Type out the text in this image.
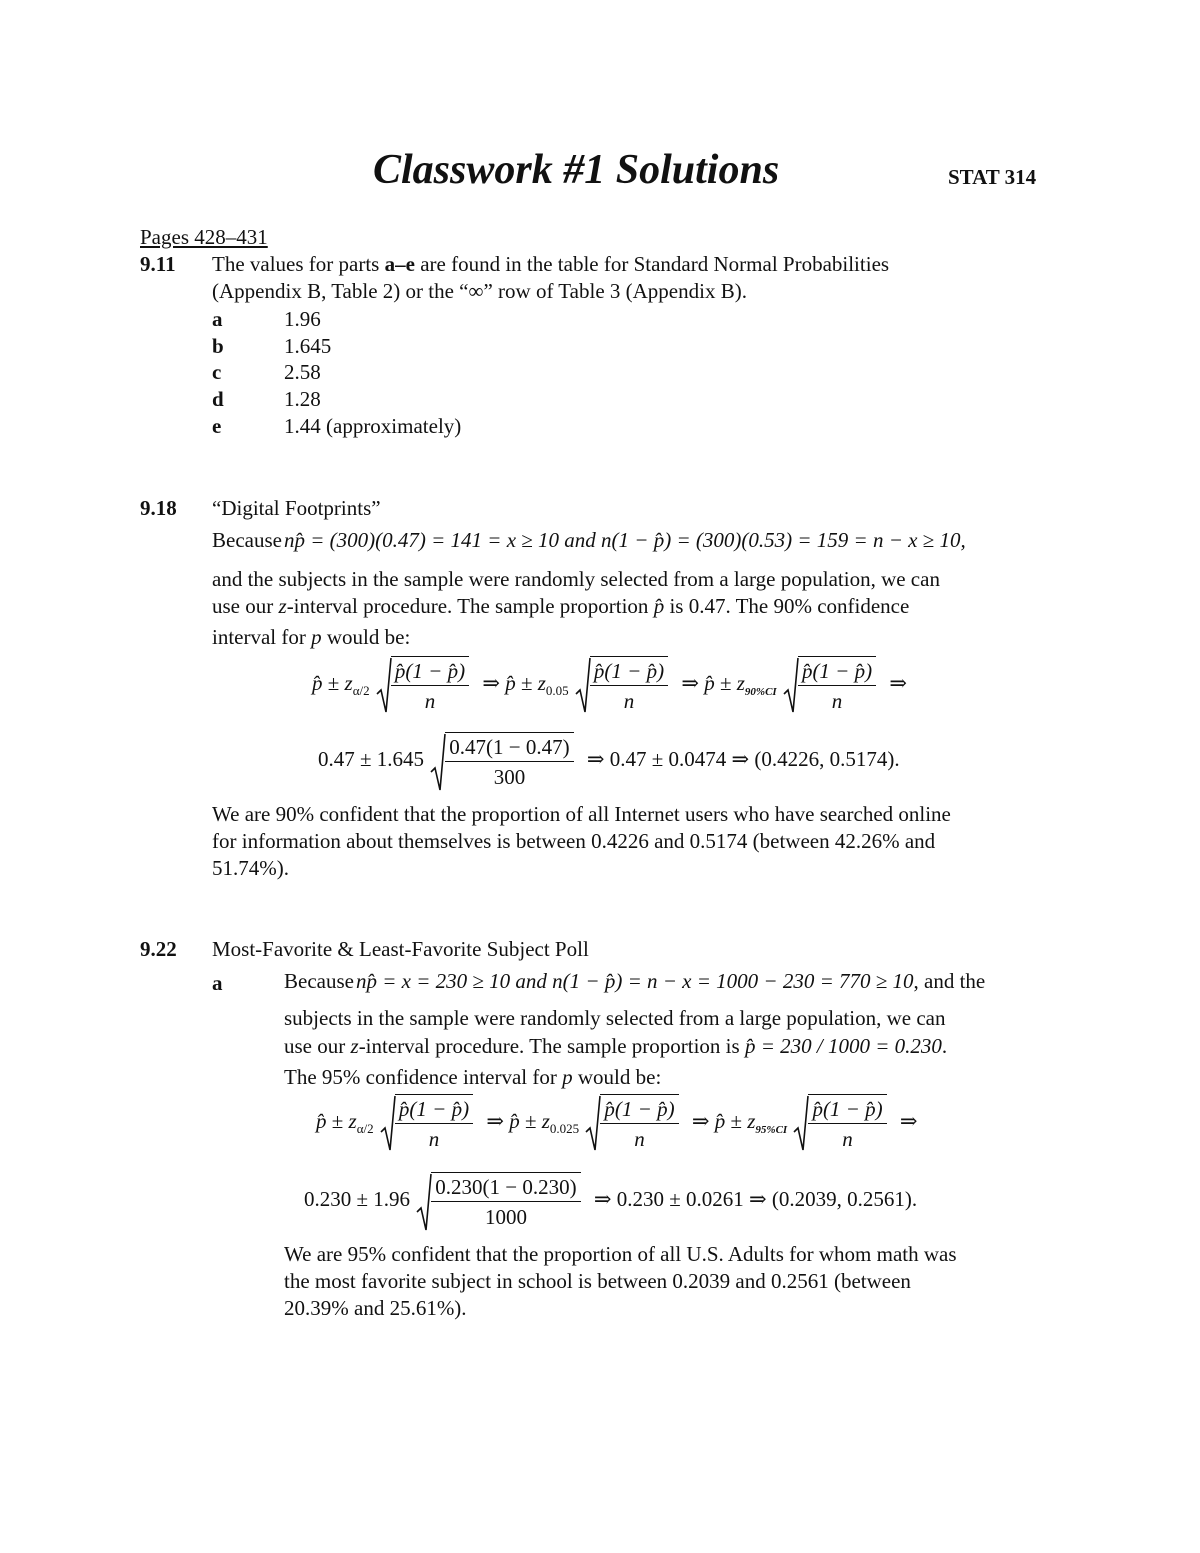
Classwork #1 Solutions	STAT 314
Pages 428–431
9.11 The values for parts a–e are found in the table for Standard Normal Probabilities
(Appendix B, Table 2) or the “∞” row of Table 3 (Appendix B).
a	1.96
b	1.645
c	2.58
d	1.28
e	1.44 (approximately)
9.18 “Digital Footprints”
Becausenp̂ = (300)(0.47) = 141 = x ≥ 10 and n(1 − p̂) = (300)(0.53) = 159 = n − x ≥ 10,
and the subjects in the sample were randomly selected from a large population, we can
use our z-interval procedure. The sample proportion p̂ is 0.47. The 90% confidence
interval for p would be:
p̂ ± $z_{\alpha/2} \frac{p̂(1 - p̂)}{n}$ ⇒ p̂ ± $z_{0.05} \frac{p̂(1 - p̂)}{n}$ ⇒ p̂ ± $z_{90\%CI} \frac{p̂(1 - p̂)}{n}$ ⇒
$0.47 \pm 1.645 \frac{0.47(1 - 0.47)}{300}$ ⇒ 0.47 ± 0.0474 ⇒ (0.4226, 0.5174).
We are 90% confident that the proportion of all Internet users who have searched online
for information about themselves is between 0.4226 and 0.5174 (between 42.26% and
51.74%).
9.22 Most-Favorite & Least-Favorite Subject Poll
a	Becausenp̂ = x = 230 ≥ 10 and n(1 − p̂) = n − x = 1000 − 230 = 770 ≥ 10, and the
subjects in the sample were randomly selected from a large population, we can
use our z-interval procedure. The sample proportion is p̂ = 230 / 1000 = 0.230.
The 95% confidence interval for p would be:
p̂ ± $z_{\alpha/2} \frac{p̂(1 - p̂)}{n}$ ⇒ p̂ ± $z_{0.025} \frac{p̂(1 - p̂)}{n}$ ⇒ p̂ ± $z_{95\%CI} \frac{p̂(1 - p̂)}{n}$ ⇒
$0.230 \pm 1.96 \frac{0.230(1 - 0.230)}{1000}$ ⇒ 0.230 ± 0.0261 ⇒ (0.2039, 0.2561).
We are 95% confident that the proportion of all U.S. Adults for whom math was
the most favorite subject in school is between 0.2039 and 0.2561 (between
20.39% and 25.61%).
